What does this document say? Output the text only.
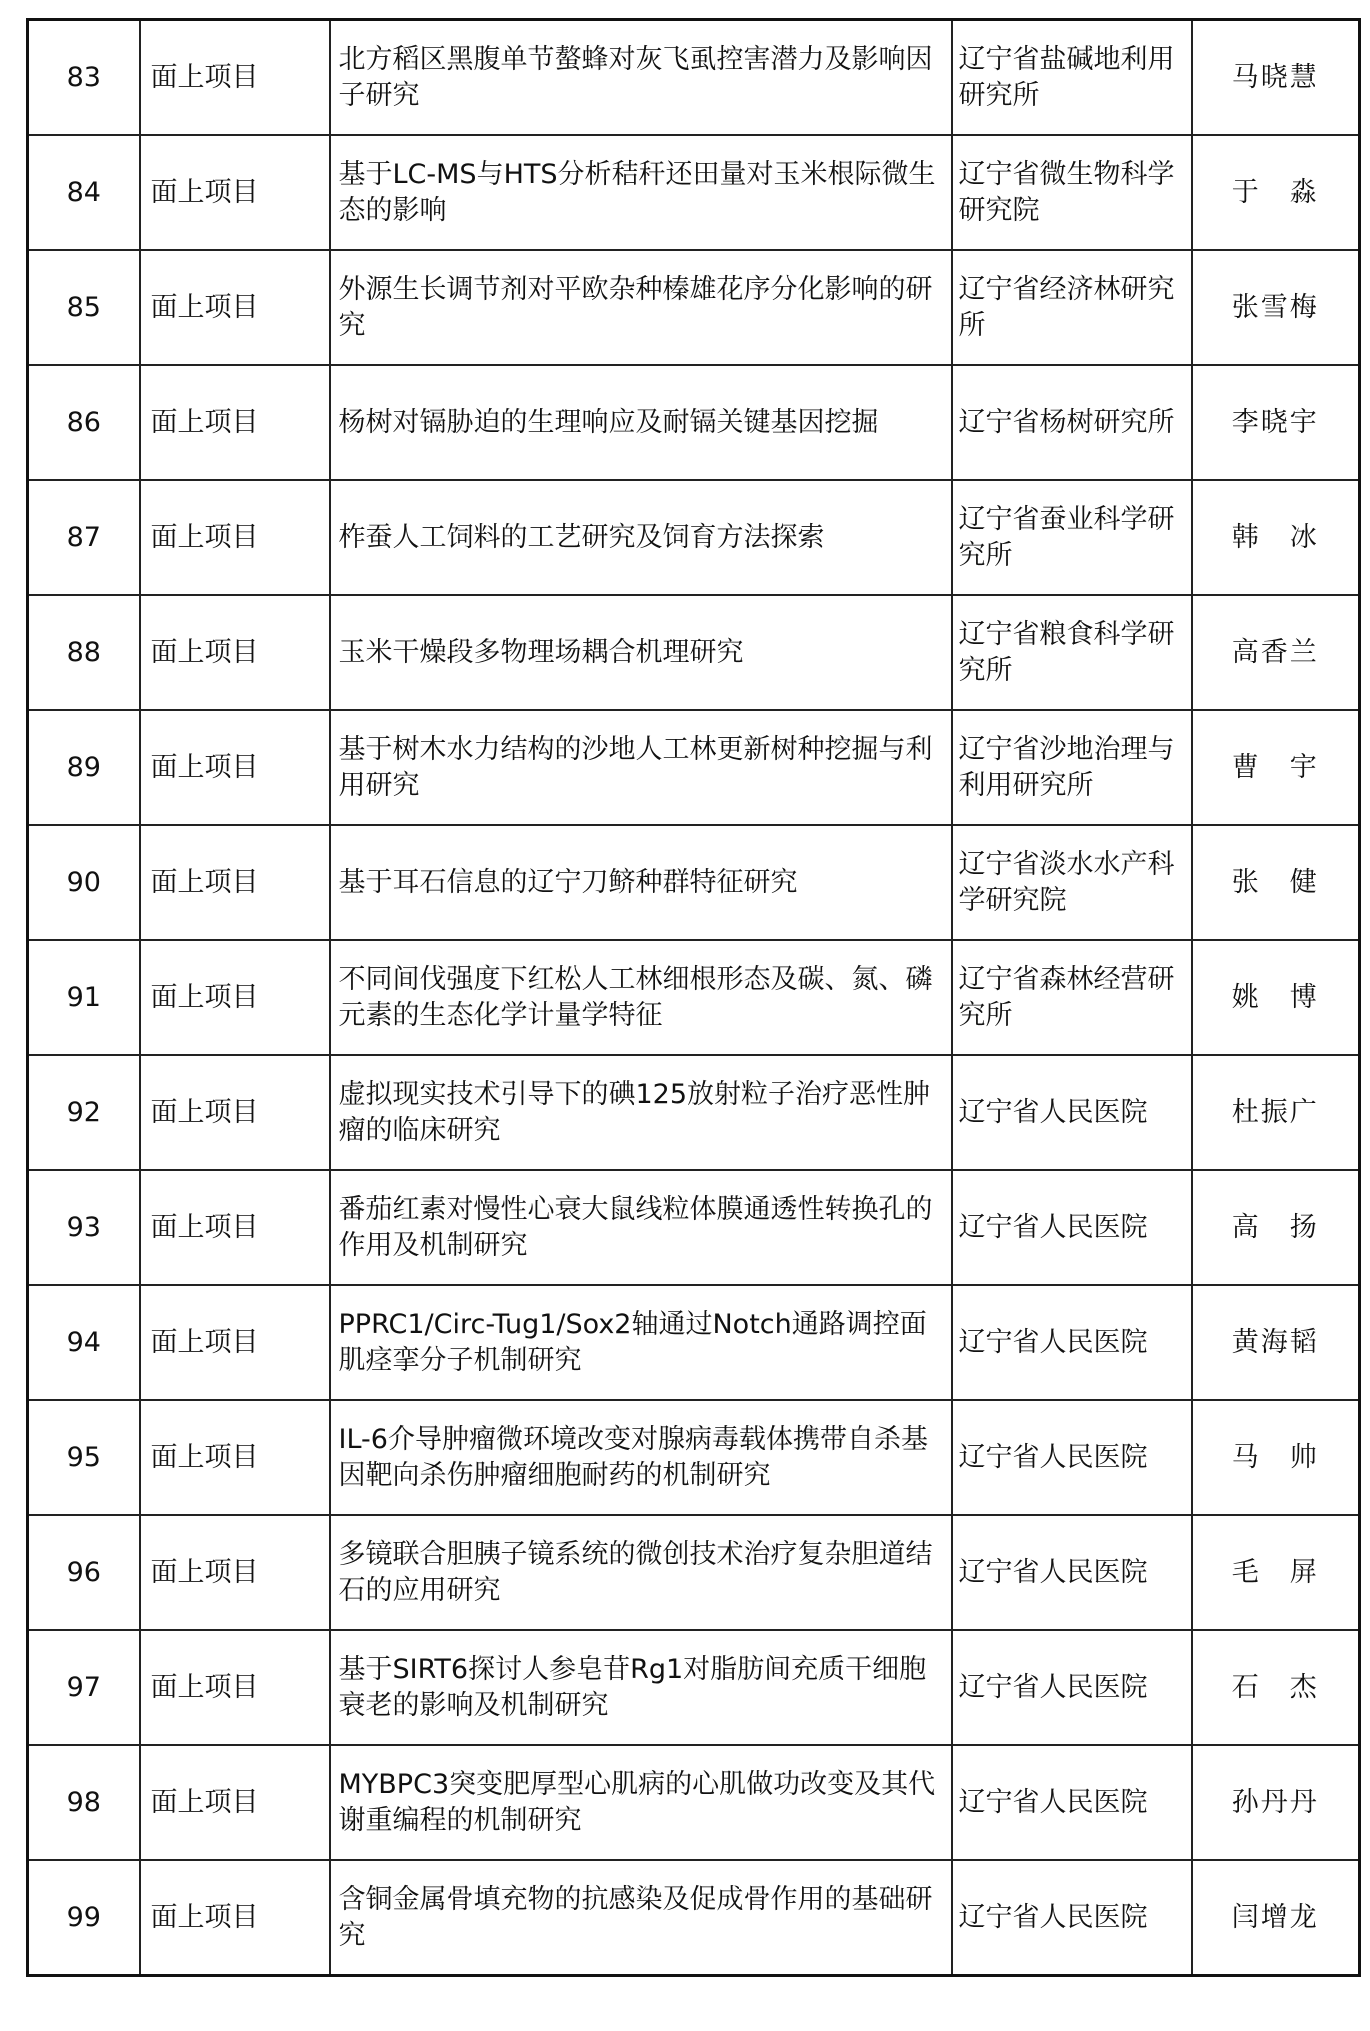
83	面上项目	北方稻区黑腹单节螯蜂对灰飞虱控害潜力及影响因子研究	辽宁省盐碱地利用研究所	马晓慧
84	面上项目	基于LC-MS与HTS分析秸秆还田量对玉米根际微生态的影响	辽宁省微生物科学研究院	于　淼
85	面上项目	外源生长调节剂对平欧杂种榛雄花序分化影响的研究	辽宁省经济林研究所	张雪梅
86	面上项目	杨树对镉胁迫的生理响应及耐镉关键基因挖掘	辽宁省杨树研究所	李晓宇
87	面上项目	柞蚕人工饲料的工艺研究及饲育方法探索	辽宁省蚕业科学研究所	韩　冰
88	面上项目	玉米干燥段多物理场耦合机理研究	辽宁省粮食科学研究所	高香兰
89	面上项目	基于树木水力结构的沙地人工林更新树种挖掘与利用研究	辽宁省沙地治理与利用研究所	曹　宇
90	面上项目	基于耳石信息的辽宁刀鲚种群特征研究	辽宁省淡水水产科学研究院	张　健
91	面上项目	不同间伐强度下红松人工林细根形态及碳、氮、磷元素的生态化学计量学特征	辽宁省森林经营研究所	姚　博
92	面上项目	虚拟现实技术引导下的碘125放射粒子治疗恶性肿瘤的临床研究	辽宁省人民医院	杜振广
93	面上项目	番茄红素对慢性心衰大鼠线粒体膜通透性转换孔的作用及机制研究	辽宁省人民医院	高　扬
94	面上项目	PPRC1/Circ-Tug1/Sox2轴通过Notch通路调控面肌痉挛分子机制研究	辽宁省人民医院	黄海韬
95	面上项目	IL-6介导肿瘤微环境改变对腺病毒载体携带自杀基因靶向杀伤肿瘤细胞耐药的机制研究	辽宁省人民医院	马　帅
96	面上项目	多镜联合胆胰子镜系统的微创技术治疗复杂胆道结石的应用研究	辽宁省人民医院	毛　屏
97	面上项目	基于SIRT6探讨人参皂苷Rg1对脂肪间充质干细胞衰老的影响及机制研究	辽宁省人民医院	石　杰
98	面上项目	MYBPC3突变肥厚型心肌病的心肌做功改变及其代谢重编程的机制研究	辽宁省人民医院	孙丹丹
99	面上项目	含铜金属骨填充物的抗感染及促成骨作用的基础研究	辽宁省人民医院	闫增龙
